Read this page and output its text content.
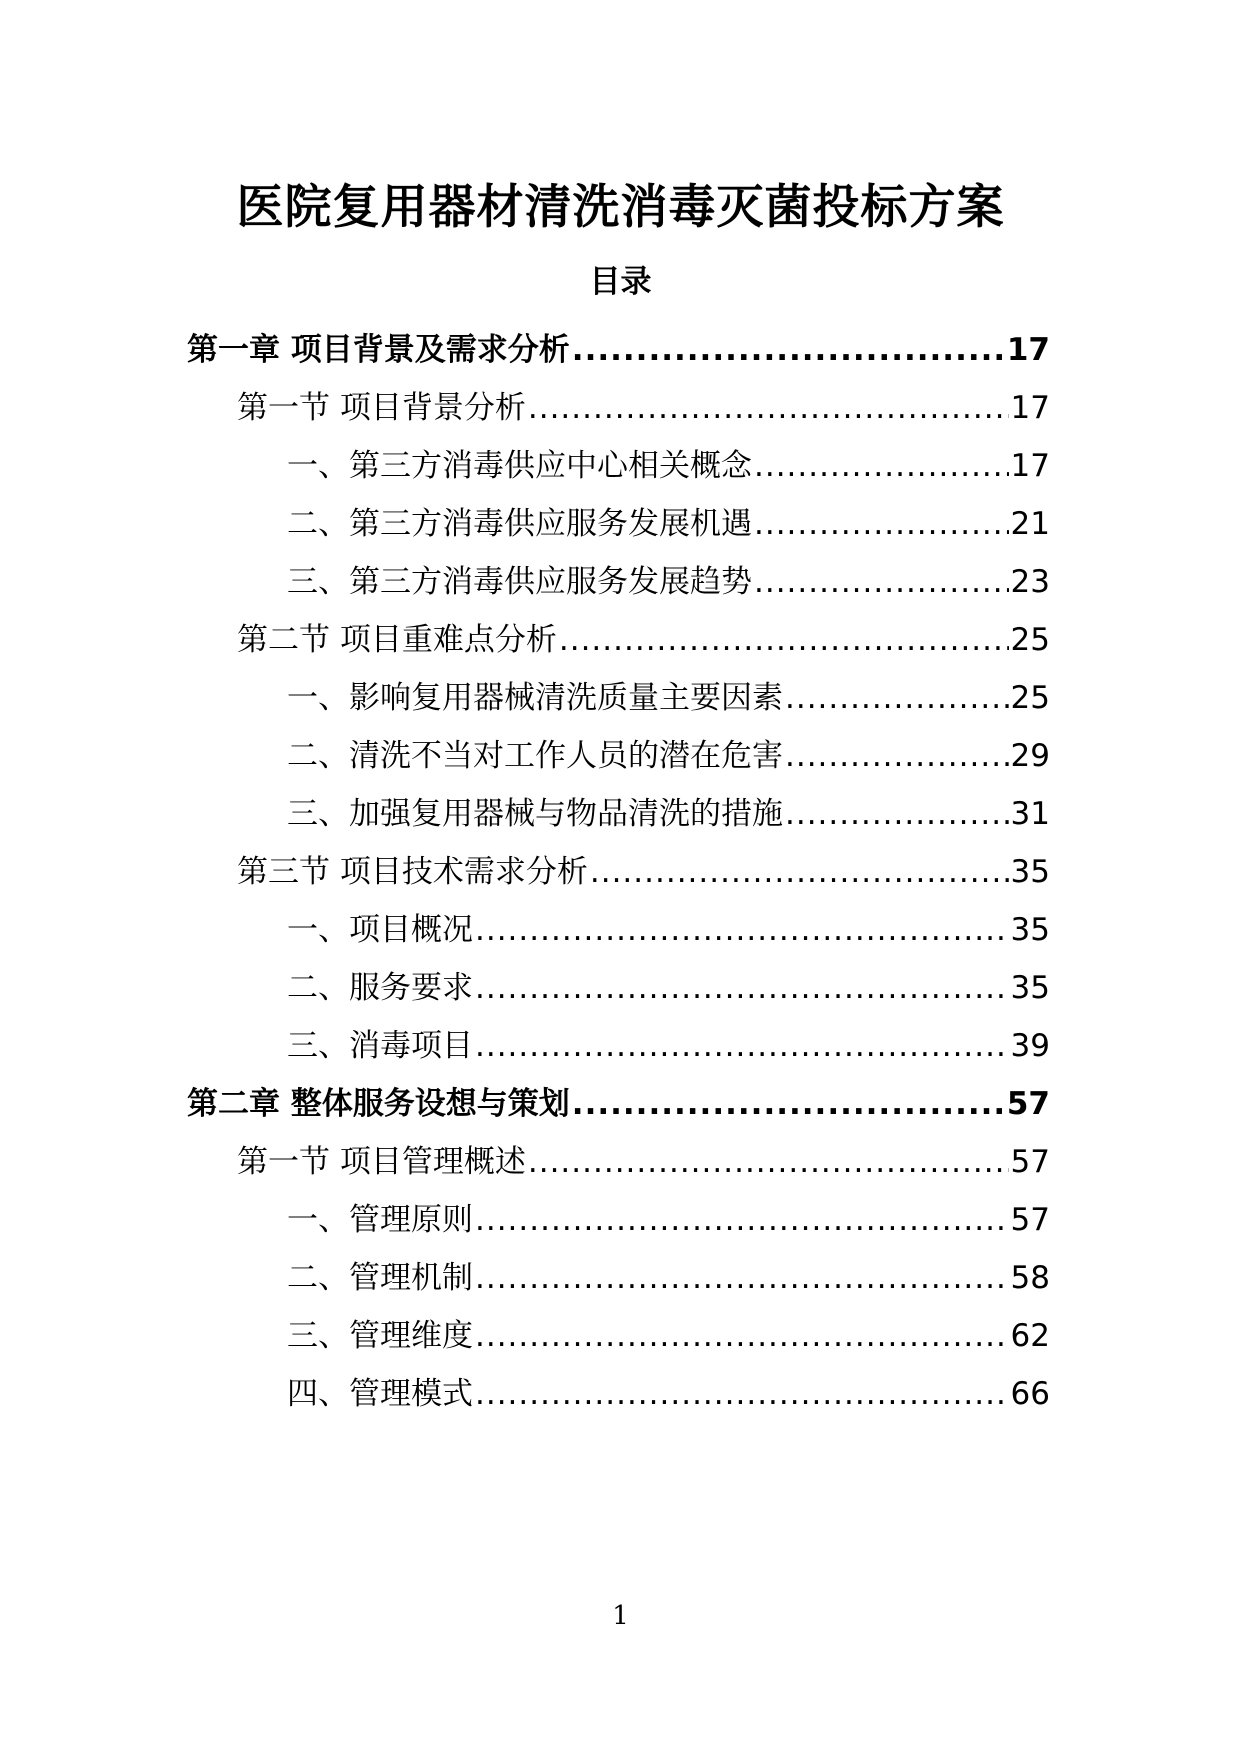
医院复用器材清洗消毒灭菌投标方案
目录
第一章 项目背景及需求分析 .....	17
第一节 项目背景分析 .....	17
一、第三方消毒供应中心相关概念 .....	17
二、第三方消毒供应服务发展机遇 .....	21
三、第三方消毒供应服务发展趋势 .....	23
第二节 项目重难点分析 .....	25
一、影响复用器械清洗质量主要因素 .....	25
二、清洗不当对工作人员的潜在危害 .....	29
三、加强复用器械与物品清洗的措施 .....	31
第三节 项目技术需求分析 .....	35
一、项目概况 .....	35
二、服务要求 .....	35
三、消毒项目 .....	39
第二章 整体服务设想与策划 .....	57
第一节 项目管理概述 .....	57
一、管理原则 .....	57
二、管理机制 .....	58
三、管理维度 .....	62
四、管理模式 .....	66
1
